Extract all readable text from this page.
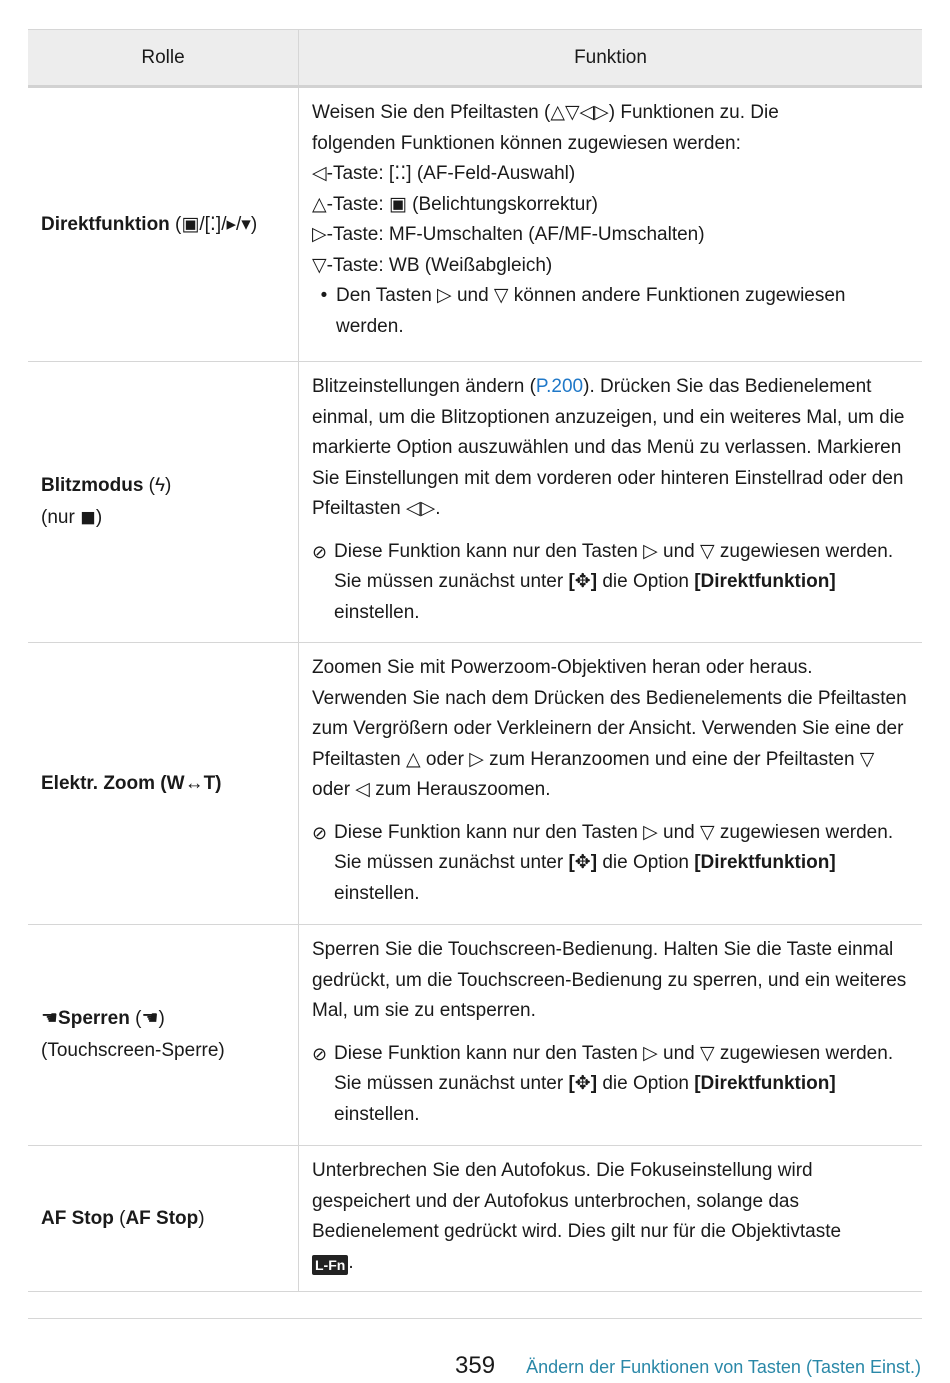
Rolle	Funktion
Direktfunktion (▣/[⁚]/▸/▾)
Weisen Sie den Pfeiltasten (△▽◁▷) Funktionen zu. Die
folgenden Funktionen können zugewiesen werden:
◁-Taste: [⁚⁚] (AF-Feld-Auswahl)
△-Taste: ▣ (Belichtungskorrektur)
▷-Taste: MF-Umschalten (AF/MF-Umschalten)
▽-Taste: WB (Weißabgleich)
• Den Tasten ▷ und ▽ können andere Funktionen zugewiesen werden.
Blitzmodus (ϟ)
(nur ◼)
Blitzeinstellungen ändern (P.200). Drücken Sie das Bedienelement einmal, um die Blitzoptionen anzuzeigen, und ein weiteres Mal, um die markierte Option auszuwählen und das Menü zu verlassen. Markieren Sie Einstellungen mit dem vorderen oder hinteren Einstellrad oder den Pfeiltasten ◁▷.
⊘ Diese Funktion kann nur den Tasten ▷ und ▽ zugewiesen werden. Sie müssen zunächst unter [✥] die Option [Direktfunktion] einstellen.
Elektr. Zoom (W↔T)
Zoomen Sie mit Powerzoom-Objektiven heran oder heraus. Verwenden Sie nach dem Drücken des Bedienelements die Pfeiltasten zum Vergrößern oder Verkleinern der Ansicht. Verwenden Sie eine der Pfeiltasten △ oder ▷ zum Heranzoomen und eine der Pfeiltasten ▽ oder ◁ zum Herauszoomen.
⊘ Diese Funktion kann nur den Tasten ▷ und ▽ zugewiesen werden. Sie müssen zunächst unter [✥] die Option [Direktfunktion] einstellen.
☚Sperren (☚)
(Touchscreen-Sperre)
Sperren Sie die Touchscreen-Bedienung. Halten Sie die Taste einmal gedrückt, um die Touchscreen-Bedienung zu sperren, und ein weiteres Mal, um sie zu entsperren.
⊘ Diese Funktion kann nur den Tasten ▷ und ▽ zugewiesen werden. Sie müssen zunächst unter [✥] die Option [Direktfunktion] einstellen.
AF Stop (AF Stop)
Unterbrechen Sie den Autofokus. Die Fokuseinstellung wird gespeichert und der Autofokus unterbrochen, solange das Bedienelement gedrückt wird. Dies gilt nur für die Objektivtaste
L-Fn .
359 Ändern der Funktionen von Tasten (Tasten Einst.)
